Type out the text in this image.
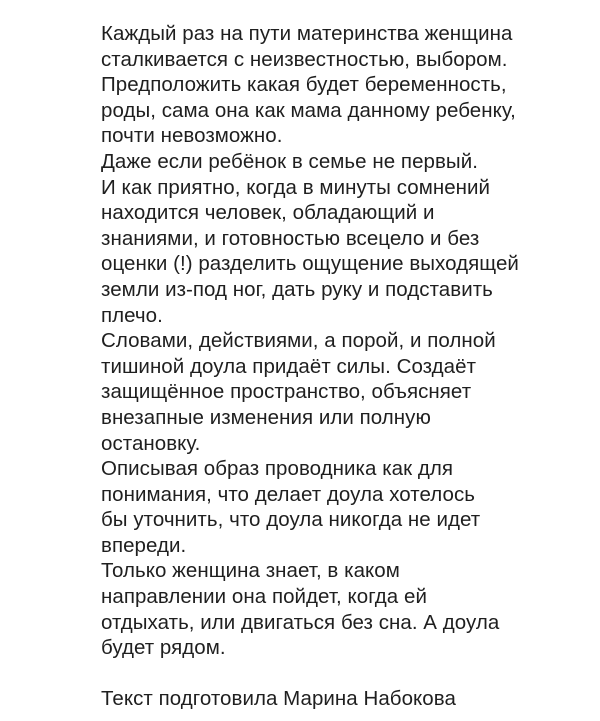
Каждый раз на пути материнства женщина
сталкивается с неизвестностью, выбором.
Предположить какая будет беременность,
роды, сама она как мама данному ребенку,
почти невозможно.
Даже если ребёнок в семье не первый.
И как приятно, когда в минуты сомнений
находится человек, обладающий и
знаниями, и готовностью всецело и без
оценки (!) разделить ощущение выходящей
земли из-под ног, дать руку и подставить
плечо.
Словами, действиями, а порой, и полной
тишиной доула придаёт силы. Создаёт
защищённое пространство, объясняет
внезапные изменения или полную
остановку.
Описывая образ проводника как для
понимания, что делает доула хотелось
бы уточнить, что доула никогда не идет
впереди.
Только женщина знает, в каком
направлении она пойдет, когда ей
отдыхать, или двигаться без сна. А доула
будет рядом.
Текст подготовила Марина Набокова
